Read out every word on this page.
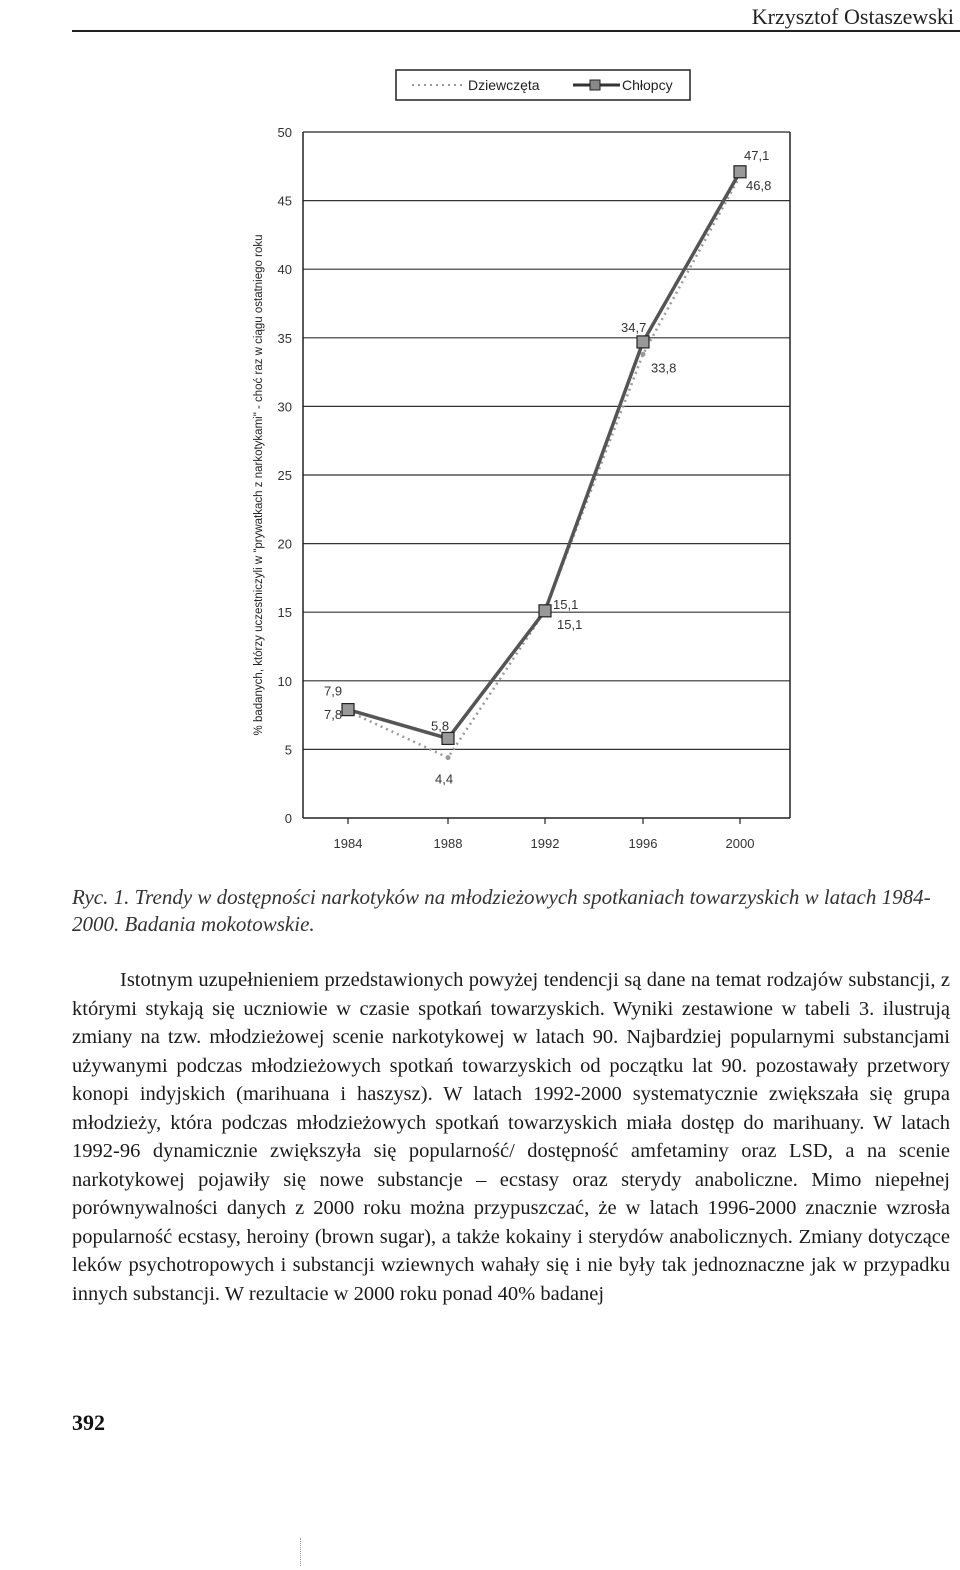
Krzysztof Ostaszewski
0
5
10
15
20
25
30
35
40
45
50
1984	1988	1992	1996	2000
% badanych, którzy uczestniczyli w "prywatkach z narkotykami" - choć raz w ciągu ostatniego roku
Dziewczęta	Chłopcy
7,9
7,8
5,8
4,4
15,1
15,1
34,7
33,8
47,1
46,8
Ryc. 1. Trendy w dostępności narkotyków na młodzieżowych spotkaniach towarzyskich w latach 1984-2000. Badania mokotowskie.

Istotnym uzupełnieniem przedstawionych powyżej tendencji są dane na temat rodzajów substancji, z którymi stykają się uczniowie w czasie spotkań towarzyskich. Wyniki zestawione w tabeli 3. ilustrują zmiany na tzw. młodzieżowej scenie narkotykowej w latach 90. Najbardziej popularnymi substancjami używanymi podczas młodzieżowych spotkań towarzyskich od początku lat 90. pozostawały przetwory konopi indyjskich (marihuana i haszysz). W latach 1992-2000 systematycznie zwiększała się grupa młodzieży, która podczas młodzieżowych spotkań towarzyskich miała dostęp do marihuany. W latach 1992-96 dynamicznie zwiększyła się popularność/ dostępność amfetaminy oraz LSD, a na scenie narkotykowej pojawiły się nowe substancje – ecstasy oraz sterydy anaboliczne. Mimo niepełnej porównywalności danych z 2000 roku można przypuszczać, że w latach 1996-2000 znacznie wzrosła popularność ecstasy, heroiny (brown sugar), a także kokainy i sterydów anabolicznych. Zmiany dotyczące leków psychotropowych i substancji wziewnych wahały się i nie były tak jednoznaczne jak w przypadku innych substancji. W rezultacie w 2000 roku ponad 40% badanej

392
